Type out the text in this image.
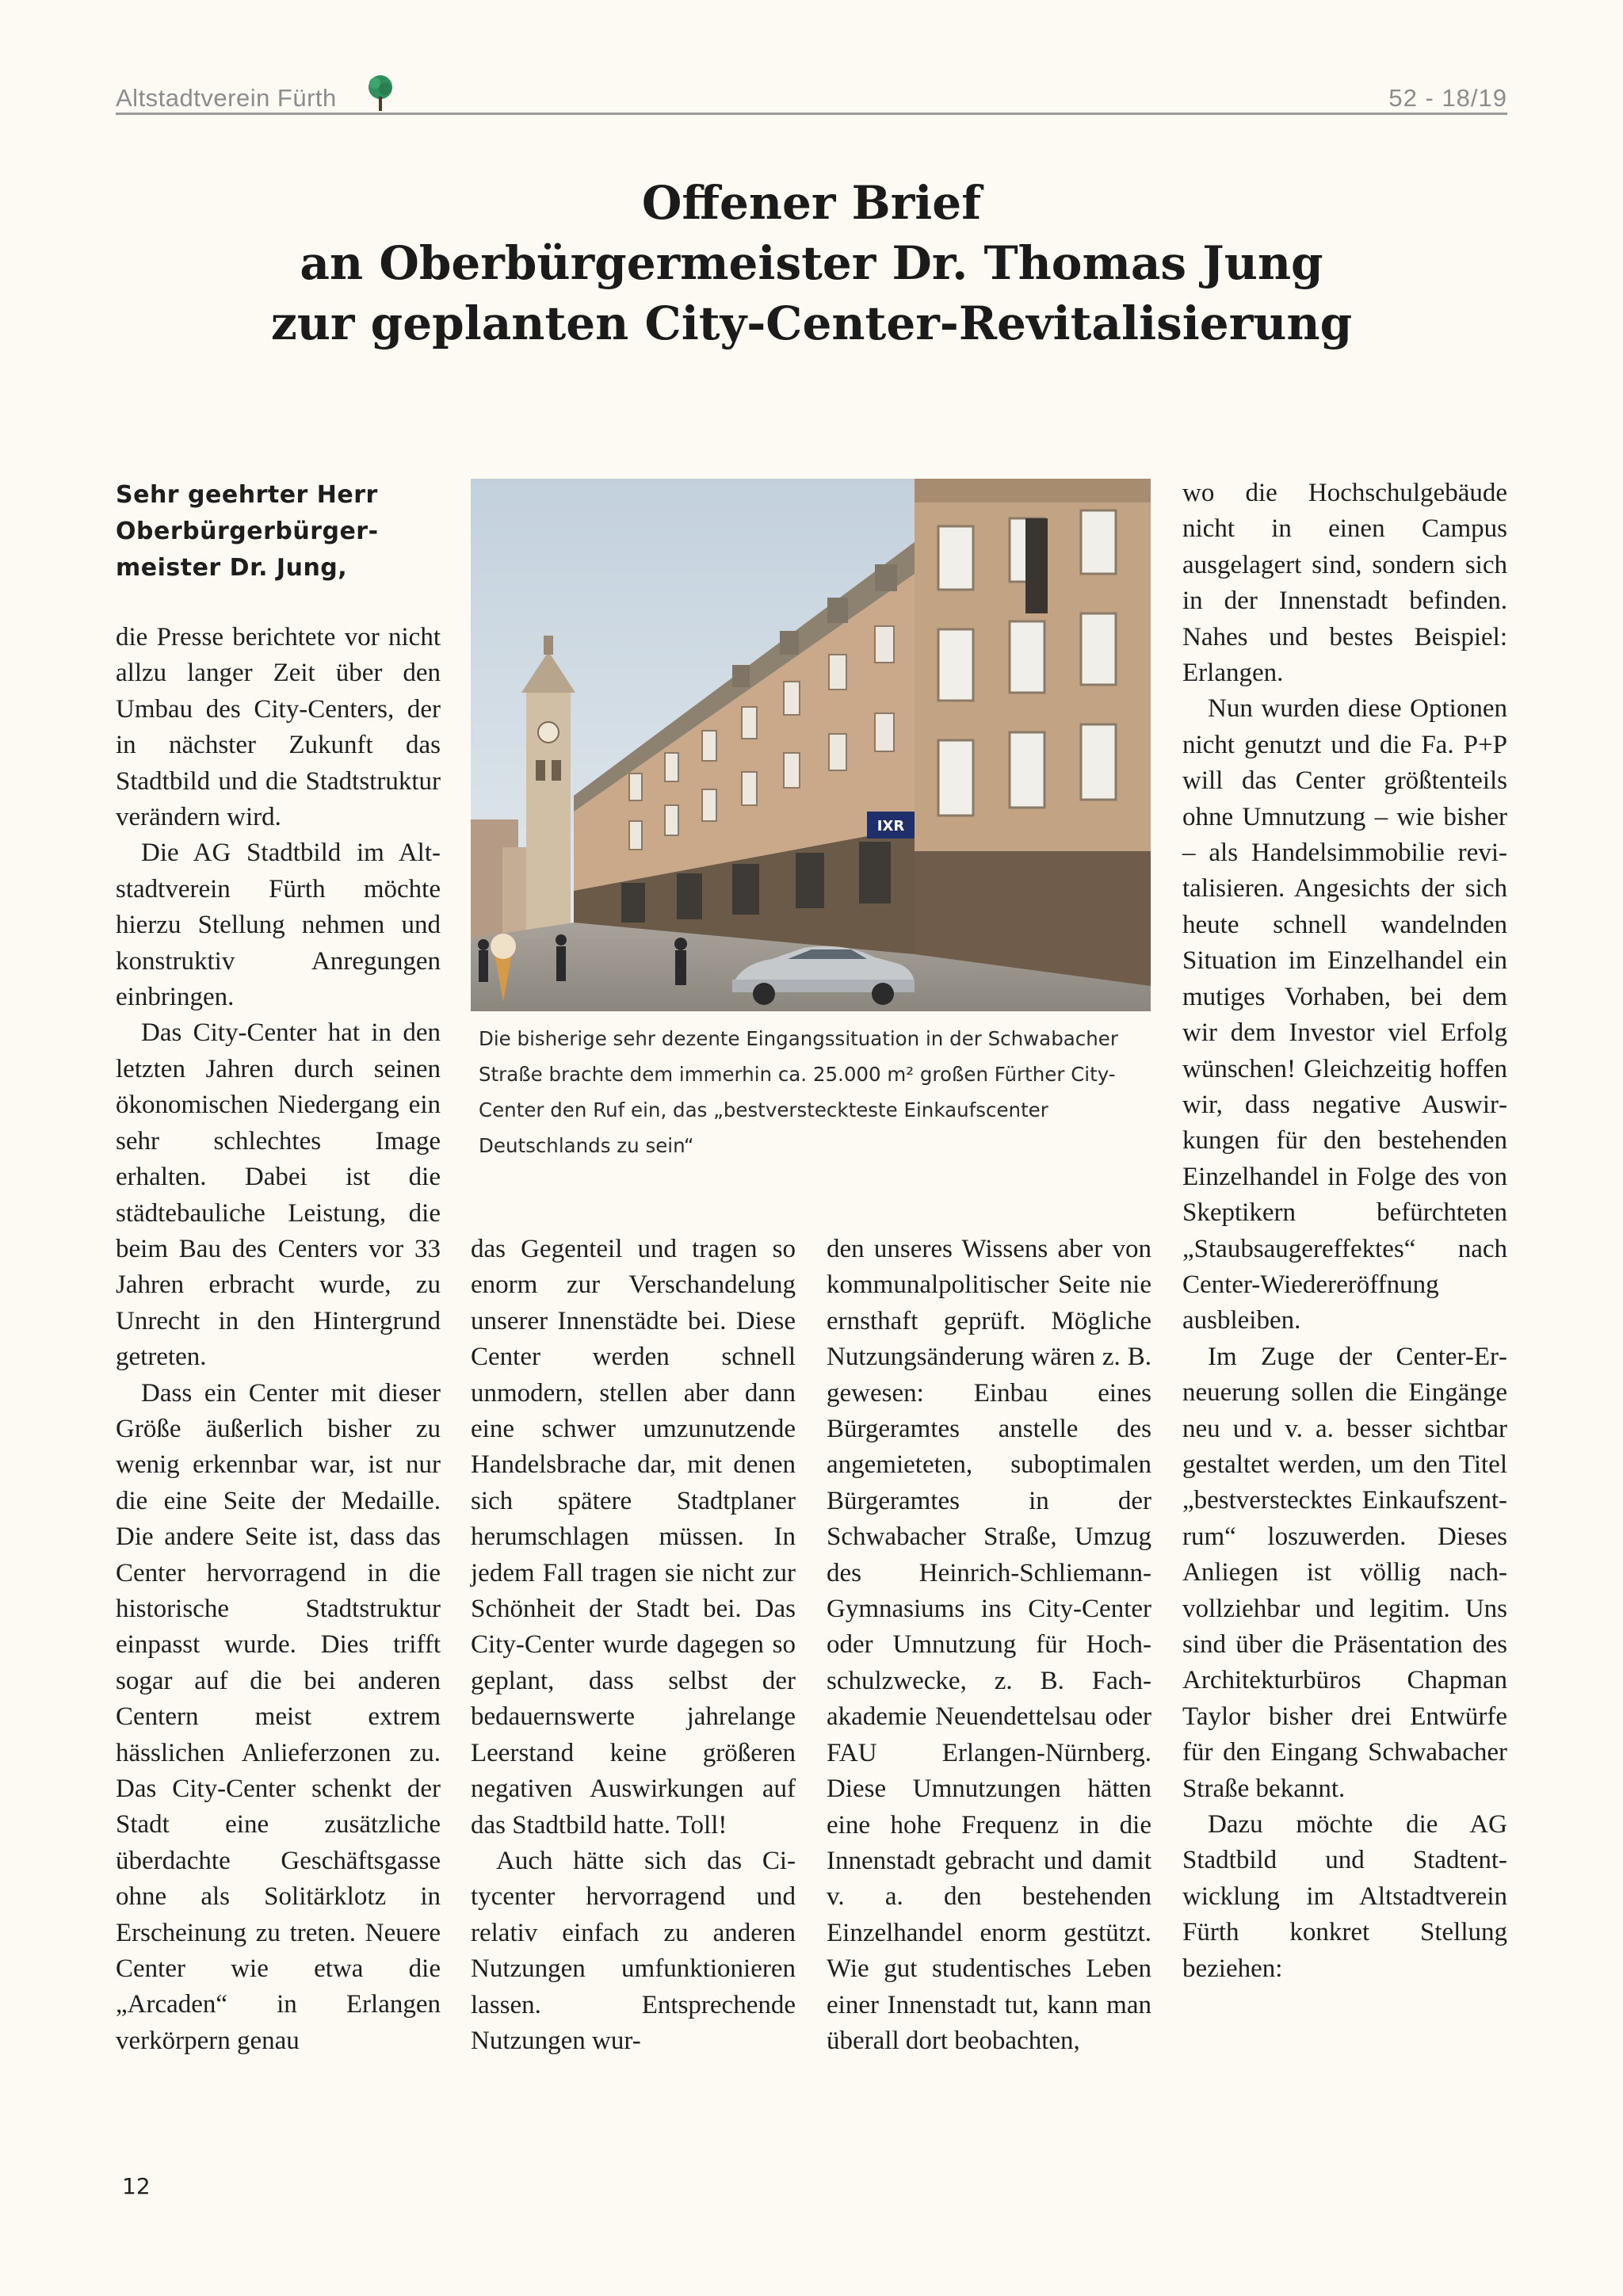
Altstadtverein Fürth	52 - 18/19
Offener Brief
an Oberbürgermeister Dr. Thomas Jung
zur geplanten City-Center-Revitalisierung
Sehr geehrter Herr Oberbürgerbürgermeister Dr. Jung,

die Presse berichtete vor nicht allzu langer Zeit über den Umbau des City-Centers, der in nächster Zukunft das Stadtbild und die Stadtstruktur verändern wird.

Die AG Stadtbild im Altstadtverein Fürth möchte hierzu Stellung nehmen und konstruktiv Anregungen einbringen.

Das City-Center hat in den letzten Jahren durch seinen ökonomischen Niedergang ein sehr schlechtes Image erhalten. Dabei ist die städtebauliche Leistung, die beim Bau des Centers vor 33 Jahren erbracht wurde, zu Unrecht in den Hintergrund getreten.

Dass ein Center mit dieser Größe äußerlich bisher zu wenig erkennbar war, ist nur die eine Seite der Medaille. Die andere Seite ist, dass das Center hervorragend in die historische Stadtstruktur einpasst wurde. Dies trifft sogar auf die bei anderen Centern meist extrem hässlichen Anlieferzonen zu. Das City-Center schenkt der Stadt eine zusätzliche überdachte Geschäftsgasse ohne als Solitärklotz in Erscheinung zu treten. Neuere Center wie etwa die „Arcaden“ in Erlangen verkörpern genau

IXR
Die bisherige sehr dezente Eingangssituation in der Schwabacher Straße brachte dem immerhin ca. 25.000 m² großen Fürther City-Center den Ruf ein, das „bestversteckteste Einkaufscenter Deutschlands zu sein“

das Gegenteil und tragen so enorm zur Verschandelung unserer Innenstädte bei. Diese Center werden schnell unmodern, stellen aber dann eine schwer umzunutzende Handelsbrache dar, mit denen sich spätere Stadtplaner herumschlagen müssen. In jedem Fall tragen sie nicht zur Schönheit der Stadt bei. Das City-Center wurde dagegen so geplant, dass selbst der bedauernswerte jahrelange Leerstand keine größeren negativen Auswirkungen auf das Stadtbild hatte. Toll!

Auch hätte sich das Citycenter hervorragend und relativ einfach zu anderen Nutzungen umfunktionieren lassen. Entsprechende Nutzungen wur-

den unseres Wissens aber von kommunalpolitischer Seite nie ernsthaft geprüft. Mögliche Nutzungsänderung wären z. B. gewesen: Einbau eines Bürgeramtes anstelle des angemieteten, suboptimalen Bürgeramtes in der Schwabacher Straße, Umzug des Heinrich-Schliemann-Gymnasiums ins City-Center oder Umnutzung für Hochschulzwecke, z. B. Fachakademie Neuendettelsau oder FAU Erlangen-Nürnberg. Diese Umnutzungen hätten eine hohe Frequenz in die Innenstadt gebracht und damit v. a. den bestehenden Einzelhandel enorm gestützt. Wie gut studentisches Leben einer Innenstadt tut, kann man überall dort beobachten,

wo die Hochschulgebäude nicht in einen Campus ausgelagert sind, sondern sich in der Innenstadt befinden. Nahes und bestes Beispiel: Erlangen.

Nun wurden diese Optionen nicht genutzt und die Fa. P+P will das Center größtenteils ohne Umnutzung – wie bisher – als Handelsimmobilie revitalisieren. Angesichts der sich heute schnell wandelnden Situation im Einzelhandel ein mutiges Vorhaben, bei dem wir dem Investor viel Erfolg wünschen! Gleichzeitig hoffen wir, dass negative Auswirkungen für den bestehenden Einzelhandel in Folge des von Skeptikern befürchteten „Staubsaugereffektes“ nach Center-Wiedereröffnung ausbleiben.

Im Zuge der Center-Erneuerung sollen die Eingänge neu und v. a. besser sichtbar gestaltet werden, um den Titel „bestverstecktes Einkaufszentrum“ loszuwerden. Dieses Anliegen ist völlig nachvollziehbar und legitim. Uns sind über die Präsentation des Architekturbüros Chapman Taylor bisher drei Entwürfe für den Eingang Schwabacher Straße bekannt.

Dazu möchte die AG Stadtbild und Stadtentwicklung im Altstadtverein Fürth konkret Stellung beziehen:

12
